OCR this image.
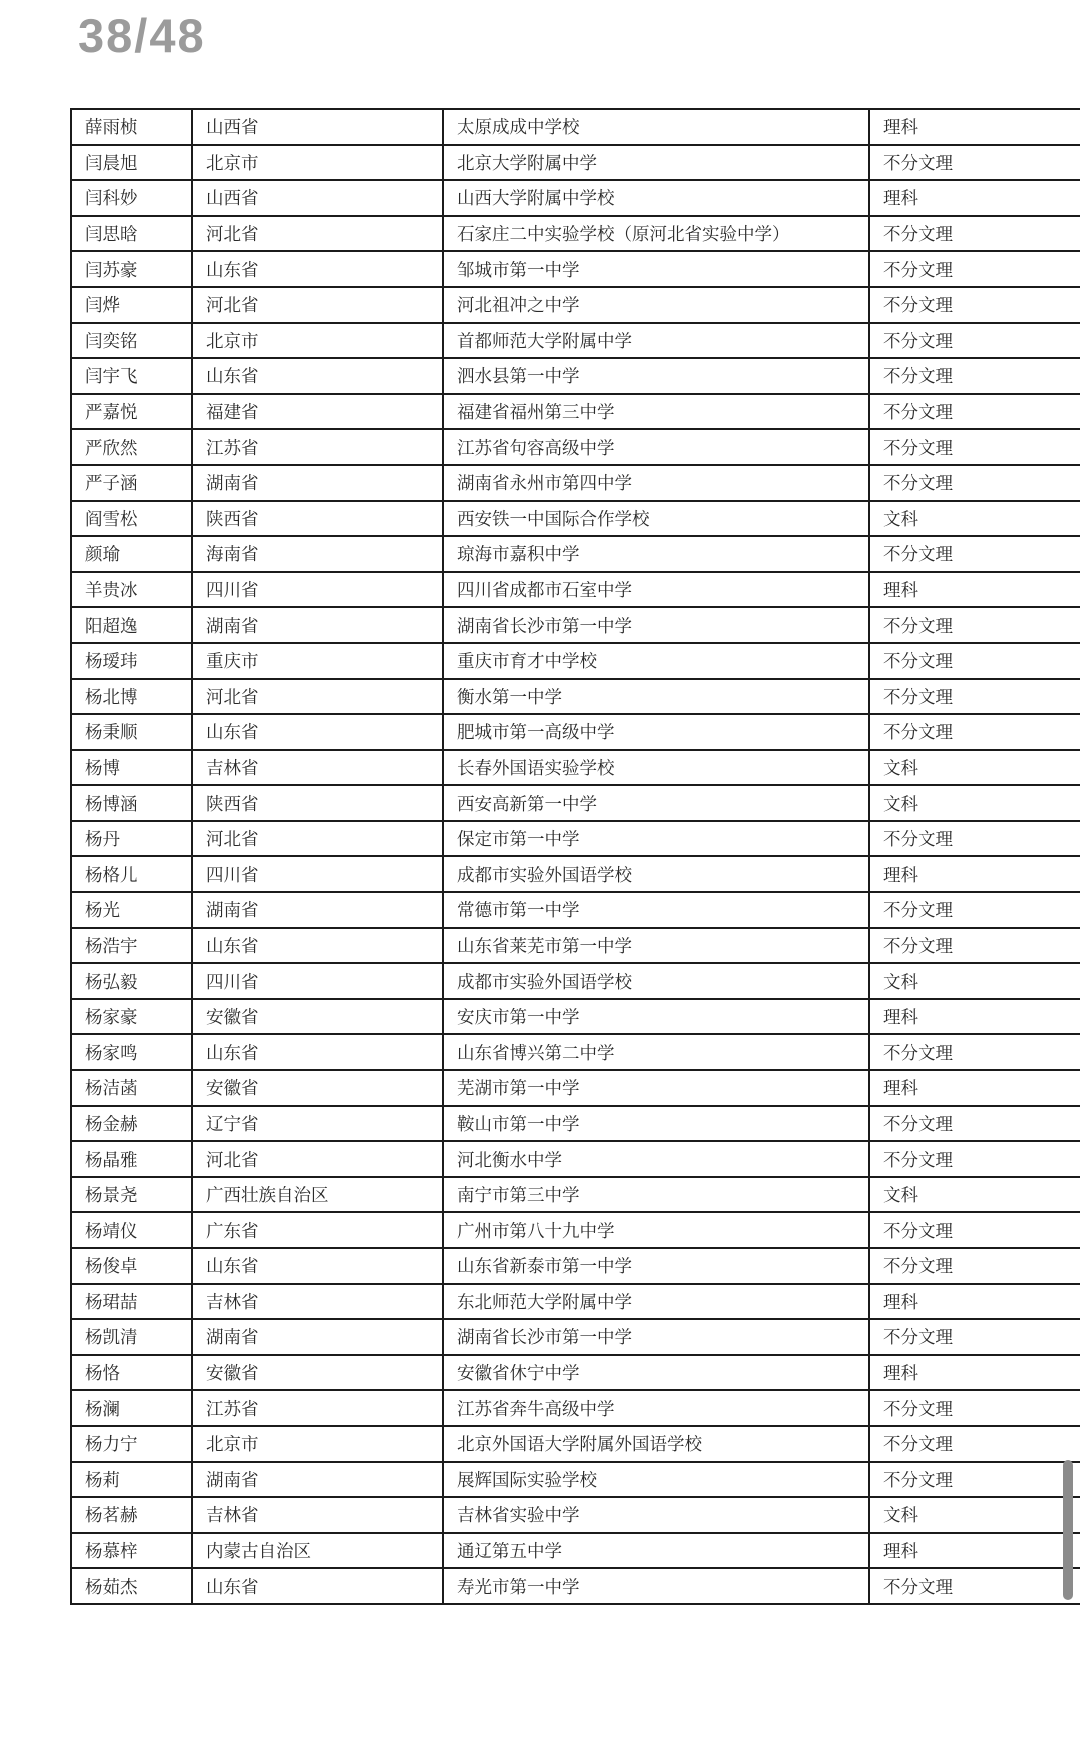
38/48
薛雨桢	山西省	太原成成中学校	理科
闫晨旭	北京市	北京大学附属中学	不分文理
闫科妙	山西省	山西大学附属中学校	理科
闫思晗	河北省	石家庄二中实验学校（原河北省实验中学）	不分文理
闫苏豪	山东省	邹城市第一中学	不分文理
闫烨	河北省	河北祖冲之中学	不分文理
闫奕铭	北京市	首都师范大学附属中学	不分文理
闫宇飞	山东省	泗水县第一中学	不分文理
严嘉悦	福建省	福建省福州第三中学	不分文理
严欣然	江苏省	江苏省句容高级中学	不分文理
严子涵	湖南省	湖南省永州市第四中学	不分文理
阎雪松	陕西省	西安铁一中国际合作学校	文科
颜瑜	海南省	琼海市嘉积中学	不分文理
羊贵冰	四川省	四川省成都市石室中学	理科
阳超逸	湖南省	湖南省长沙市第一中学	不分文理
杨瑷玮	重庆市	重庆市育才中学校	不分文理
杨北博	河北省	衡水第一中学	不分文理
杨秉顺	山东省	肥城市第一高级中学	不分文理
杨博	吉林省	长春外国语实验学校	文科
杨博涵	陕西省	西安高新第一中学	文科
杨丹	河北省	保定市第一中学	不分文理
杨格儿	四川省	成都市实验外国语学校	理科
杨光	湖南省	常德市第一中学	不分文理
杨浩宇	山东省	山东省莱芜市第一中学	不分文理
杨弘毅	四川省	成都市实验外国语学校	文科
杨家豪	安徽省	安庆市第一中学	理科
杨家鸣	山东省	山东省博兴第二中学	不分文理
杨洁菡	安徽省	芜湖市第一中学	理科
杨金赫	辽宁省	鞍山市第一中学	不分文理
杨晶雅	河北省	河北衡水中学	不分文理
杨景尧	广西壮族自治区	南宁市第三中学	文科
杨靖仪	广东省	广州市第八十九中学	不分文理
杨俊卓	山东省	山东省新泰市第一中学	不分文理
杨珺喆	吉林省	东北师范大学附属中学	理科
杨凯清	湖南省	湖南省长沙市第一中学	不分文理
杨恪	安徽省	安徽省休宁中学	理科
杨澜	江苏省	江苏省奔牛高级中学	不分文理
杨力宁	北京市	北京外国语大学附属外国语学校	不分文理
杨莉	湖南省	展辉国际实验学校	不分文理
杨茗赫	吉林省	吉林省实验中学	文科
杨慕梓	内蒙古自治区	通辽第五中学	理科
杨茹杰	山东省	寿光市第一中学	不分文理
